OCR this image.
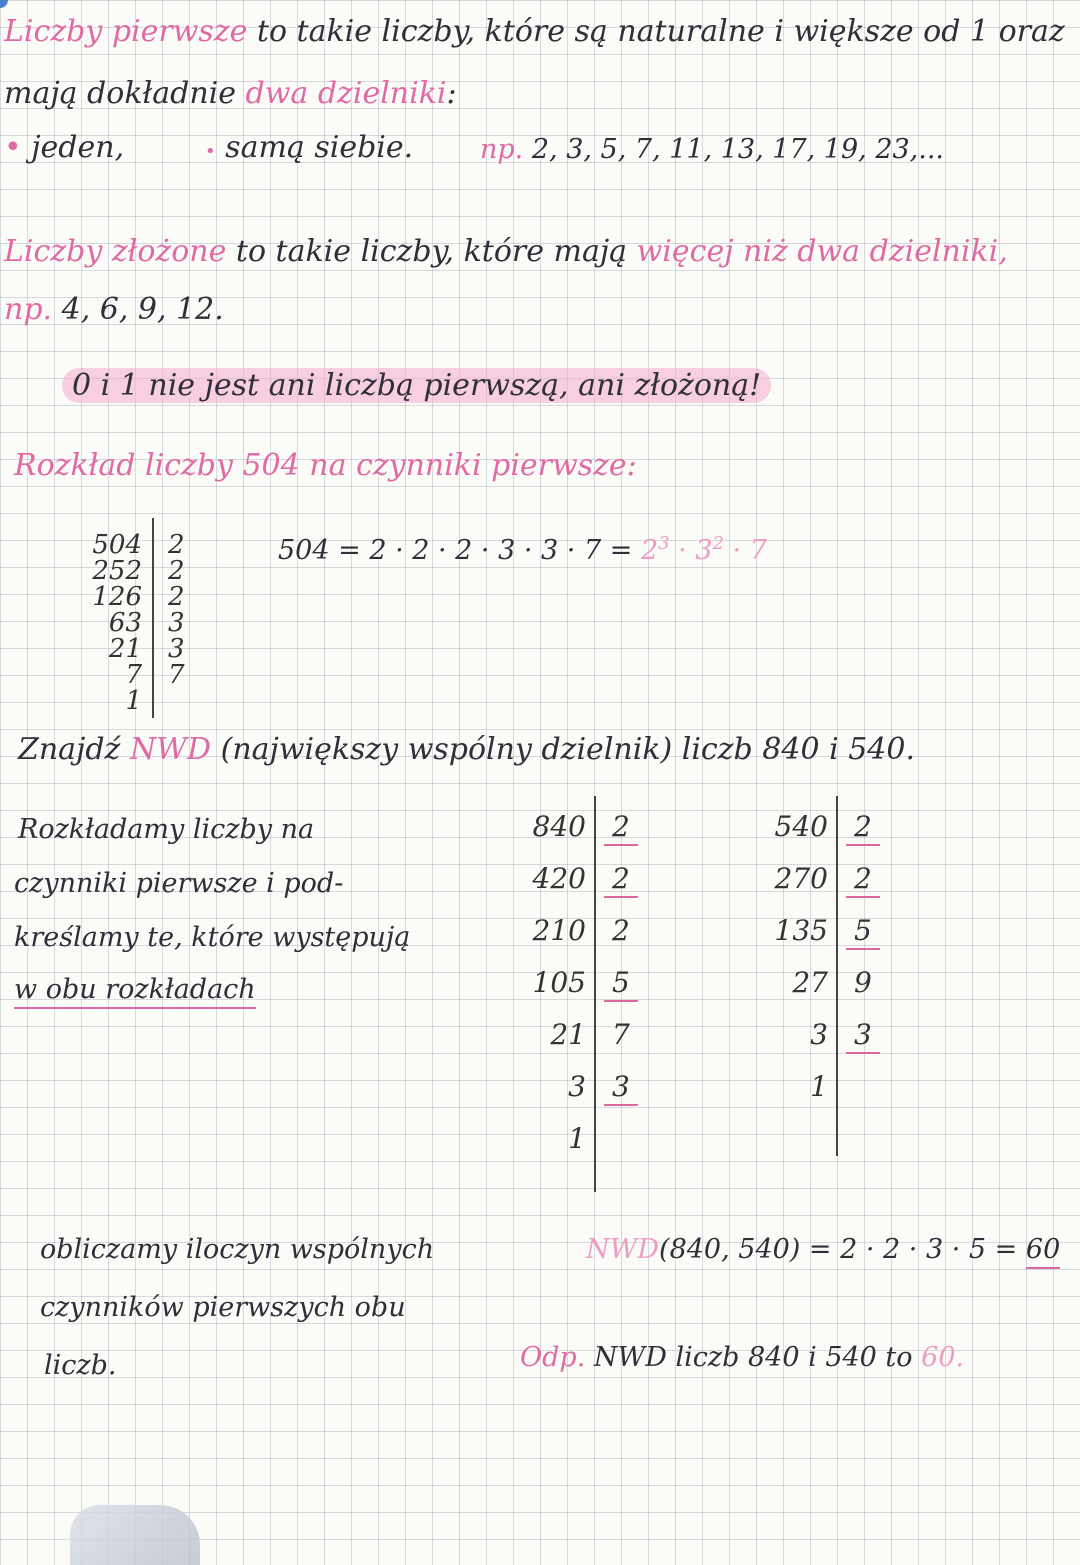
Liczby pierwsze to takie liczby, które są naturalne i większe od 1 oraz
mają dokładnie dwa dzielniki:
• jeden,	• samą siebie. np. 2, 3, 5, 7, 11, 13, 17, 19, 23,...
Liczby złożone to takie liczby, które mają więcej niż dwa dzielniki,
np. 4, 6, 9, 12.
0 i 1 nie jest ani liczbą pierwszą, ani złożoną!
Rozkład liczby 504 na czynniki pierwsze:
504
252
126
63
21
7
1
2
2
2
3
3
7
$504 = 2 \cdot 2 \cdot 2 \cdot 3 \cdot 3 \cdot 7 = 2^3 \cdot 3^2 \cdot 7$
Znajdź NWD (największy wspólny dzielnik) liczb 840 i 540.
Rozkładamy liczby na
czynniki pierwsze i pod-
kreślamy te, które występują
w obu rozkładach
840
420
210
105
21
3
1
2
2
2
5
7
3
540
270
135
27
3
1
2
2
5
9
3
obliczamy iloczyn wspólnych
czynników pierwszych obu
liczb.
NWD(840, 540) = 2 · 2 · 3 · 5 = 60
Odp. NWD liczb 840 i 540 to 60.
